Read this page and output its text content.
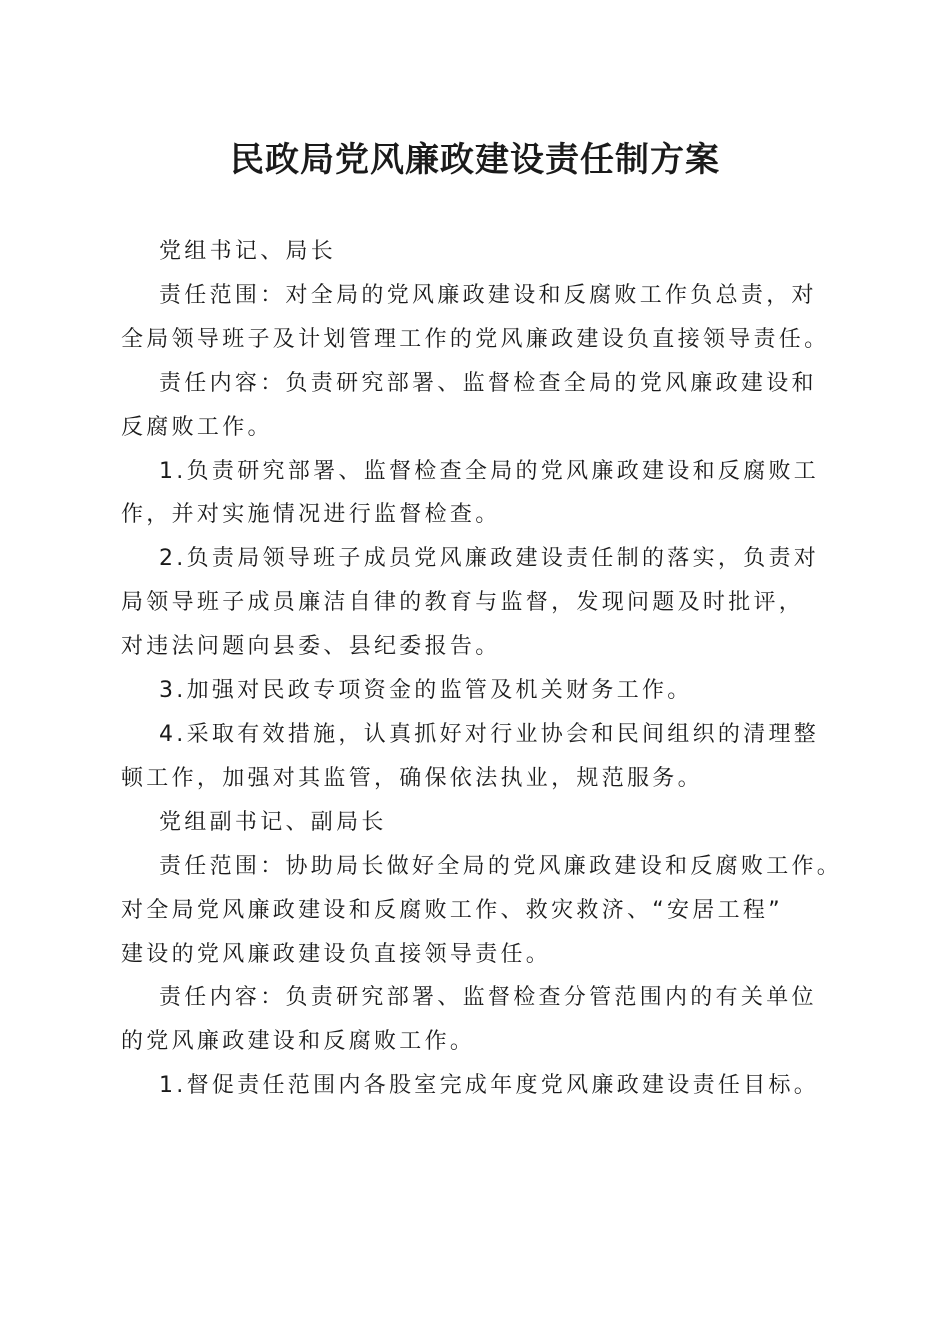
民政局党风廉政建设责任制方案

党组书记、局长

责任范围：对全局的党风廉政建设和反腐败工作负总责，对
全局领导班子及计划管理工作的党风廉政建设负直接领导责任。

责任内容：负责研究部署、监督检查全局的党风廉政建设和
反腐败工作。

1.负责研究部署、监督检查全局的党风廉政建设和反腐败工
作，并对实施情况进行监督检查。

2.负责局领导班子成员党风廉政建设责任制的落实，负责对
局领导班子成员廉洁自律的教育与监督，发现问题及时批评，
对违法问题向县委、县纪委报告。

3.加强对民政专项资金的监管及机关财务工作。

4.采取有效措施，认真抓好对行业协会和民间组织的清理整
顿工作，加强对其监管，确保依法执业，规范服务。

党组副书记、副局长

责任范围：协助局长做好全局的党风廉政建设和反腐败工作。
对全局党风廉政建设和反腐败工作、救灾救济、“安居工程”
建设的党风廉政建设负直接领导责任。

责任内容：负责研究部署、监督检查分管范围内的有关单位
的党风廉政建设和反腐败工作。

1.督促责任范围内各股室完成年度党风廉政建设责任目标。
